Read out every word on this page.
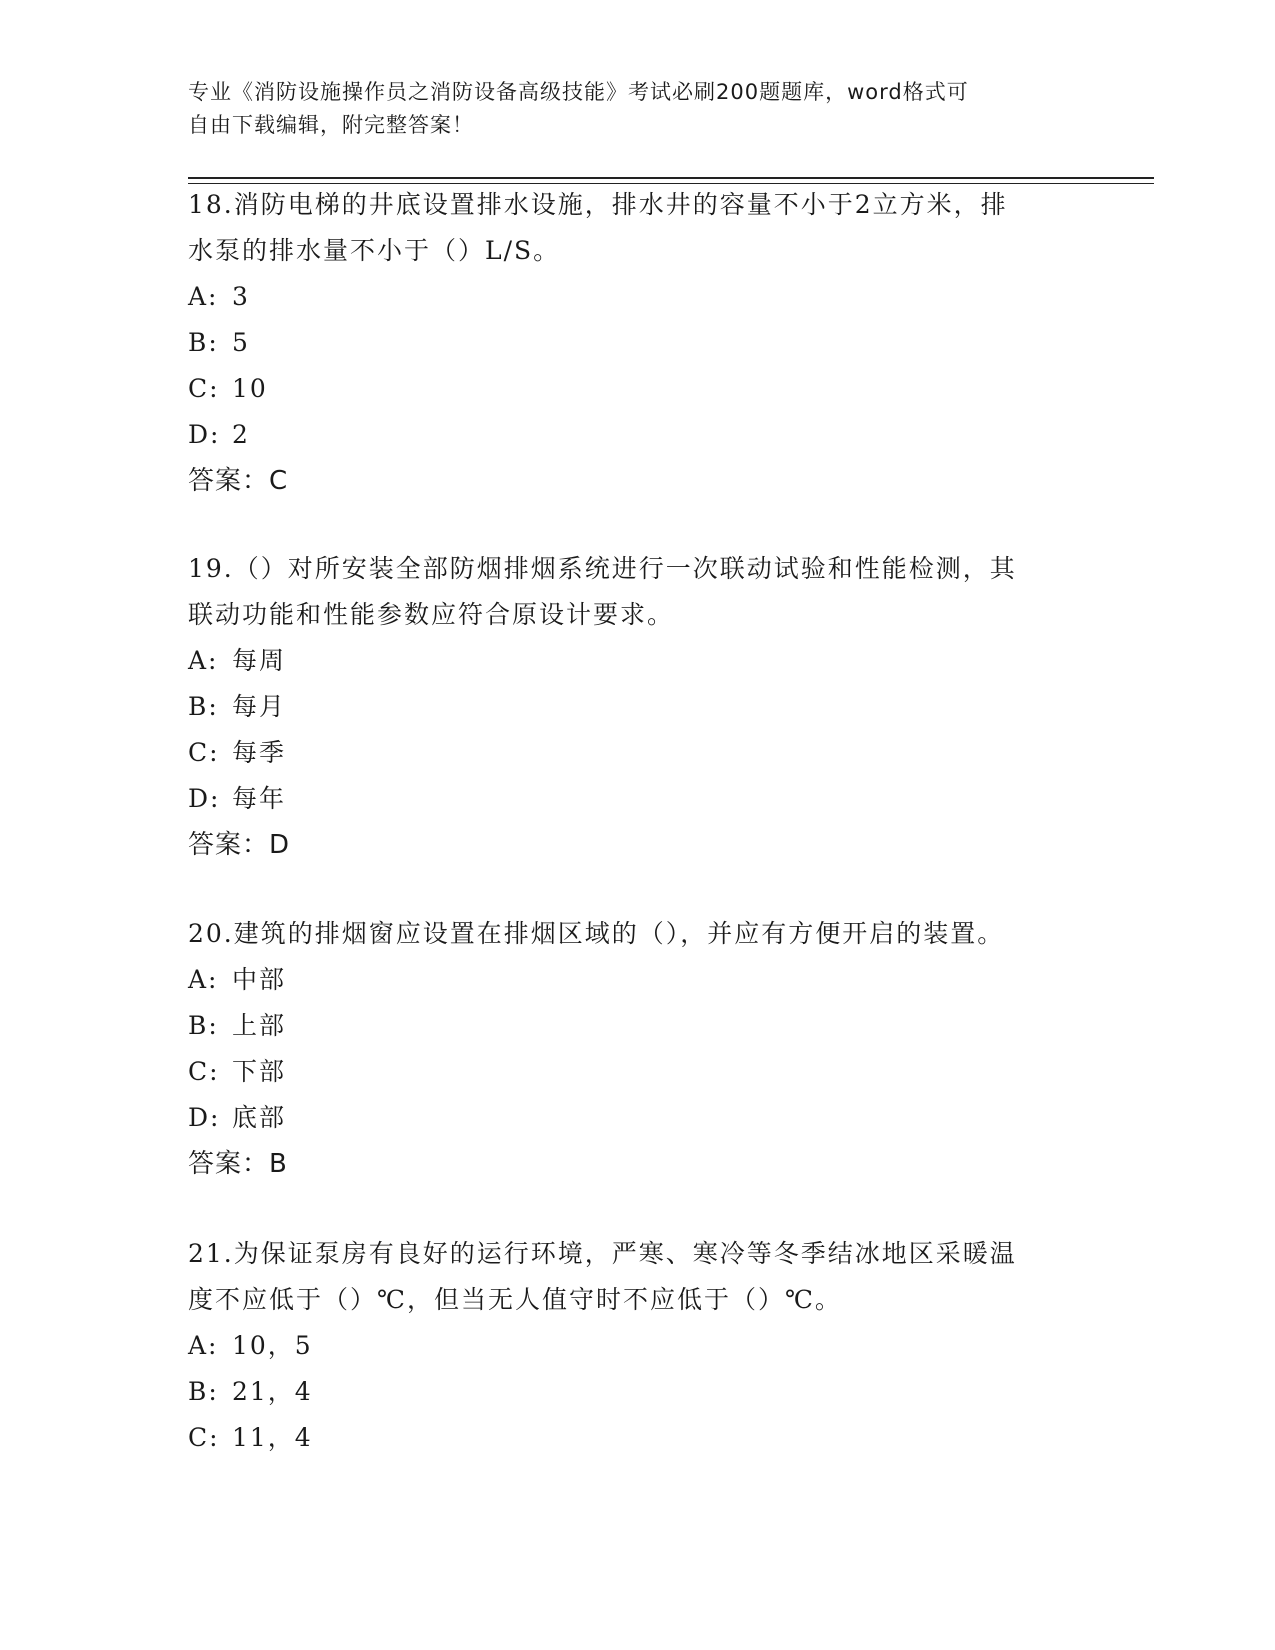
专业《消防设施操作员之消防设备高级技能》考试必刷200题题库，word格式可
自由下载编辑，附完整答案！

18.消防电梯的井底设置排水设施，排水井的容量不小于2立方米，排

水泵的排水量不小于（）L/S。

A: 3

B: 5

C: 10

D: 2

答案：C

19.（）对所安装全部防烟排烟系统进行一次联动试验和性能检测，其

联动功能和性能参数应符合原设计要求。

A: 每周

B: 每月

C: 每季

D: 每年

答案：D

20.建筑的排烟窗应设置在排烟区域的（），并应有方便开启的装置。

A: 中部

B: 上部

C: 下部

D: 底部

答案：B

21.为保证泵房有良好的运行环境，严寒、寒冷等冬季结冰地区采暖温

度不应低于（）℃，但当无人值守时不应低于（）℃。

A: 10，5

B: 21，4

C: 11，4
